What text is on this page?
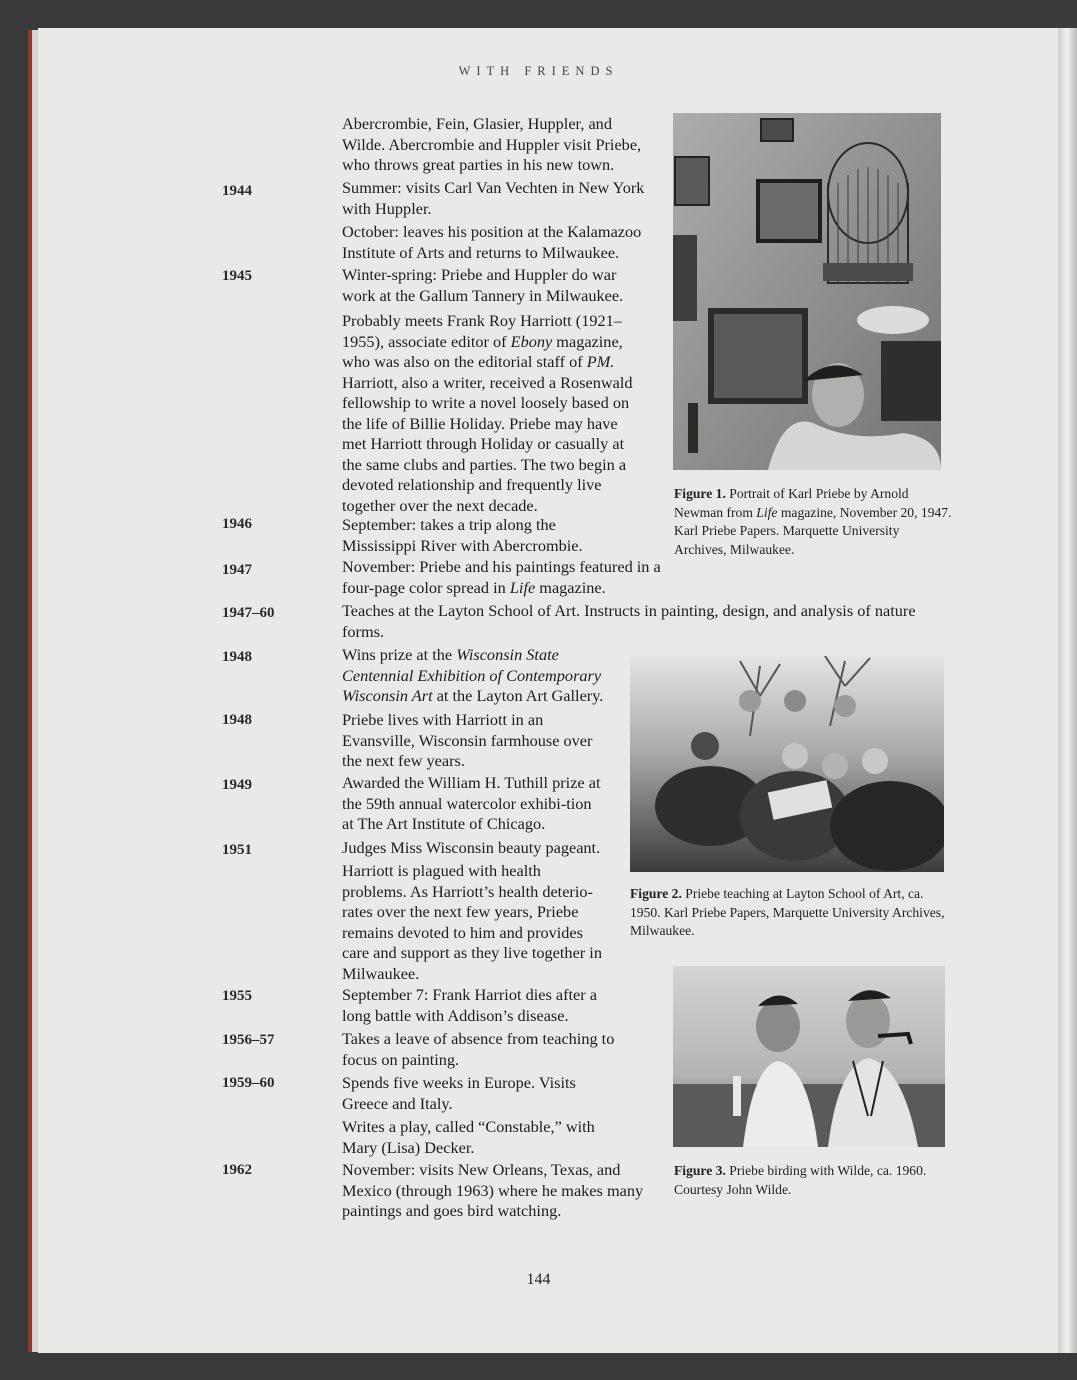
WITH FRIENDS
1944
1945
1946
1947
1947–60
1948
1948
1949
1951
1955
1956–57
1959–60
1962
Abercrombie, Fein, Glasier, Huppler, and Wilde. Abercrombie and Huppler visit Priebe, who throws great parties in his new town.
Summer: visits Carl Van Vechten in New York with Huppler.
October: leaves his position at the Kalamazoo Institute of Arts and returns to Milwaukee.
Winter-spring: Priebe and Huppler do war work at the Gallum Tannery in Milwaukee.
Probably meets Frank Roy Harriott (1921–1955), associate editor of Ebony magazine, who was also on the editorial staff of PM. Harriott, also a writer, received a Rosenwald fellowship to write a novel loosely based on the life of Billie Holiday. Priebe may have met Harriott through Holiday or casually at the same clubs and parties. The two begin a devoted relationship and frequently live together over the next decade.
September: takes a trip along the Mississippi River with Abercrombie.
November: Priebe and his paintings featured in a four-page color spread in Life magazine.
Teaches at the Layton School of Art. Instructs in painting, design, and analysis of nature forms.
Wins prize at the Wisconsin State Centennial Exhibition of Contemporary Wisconsin Art at the Layton Art Gallery.
Priebe lives with Harriott in an Evansville, Wisconsin farmhouse over the next few years.
Awarded the William H. Tuthill prize at the 59th annual watercolor exhibi-tion at The Art Institute of Chicago.
Judges Miss Wisconsin beauty pageant.
Harriott is plagued with health problems. As Harriott’s health deterio-rates over the next few years, Priebe remains devoted to him and provides care and support as they live together in Milwaukee.
September 7: Frank Harriot dies after a long battle with Addison’s disease.
Takes a leave of absence from teaching to focus on painting.
Spends five weeks in Europe. Visits Greece and Italy.
Writes a play, called “Constable,” with Mary (Lisa) Decker.
November: visits New Orleans, Texas, and Mexico (through 1963) where he makes many paintings and goes bird watching.
Figure 1. Portrait of Karl Priebe by Arnold Newman from Life magazine, November 20, 1947. Karl Priebe Papers. Marquette University Archives, Milwaukee.
Figure 2. Priebe teaching at Layton School of Art, ca. 1950. Karl Priebe Papers, Marquette University Archives, Milwaukee.
Figure 3. Priebe birding with Wilde, ca. 1960. Courtesy John Wilde.
144
